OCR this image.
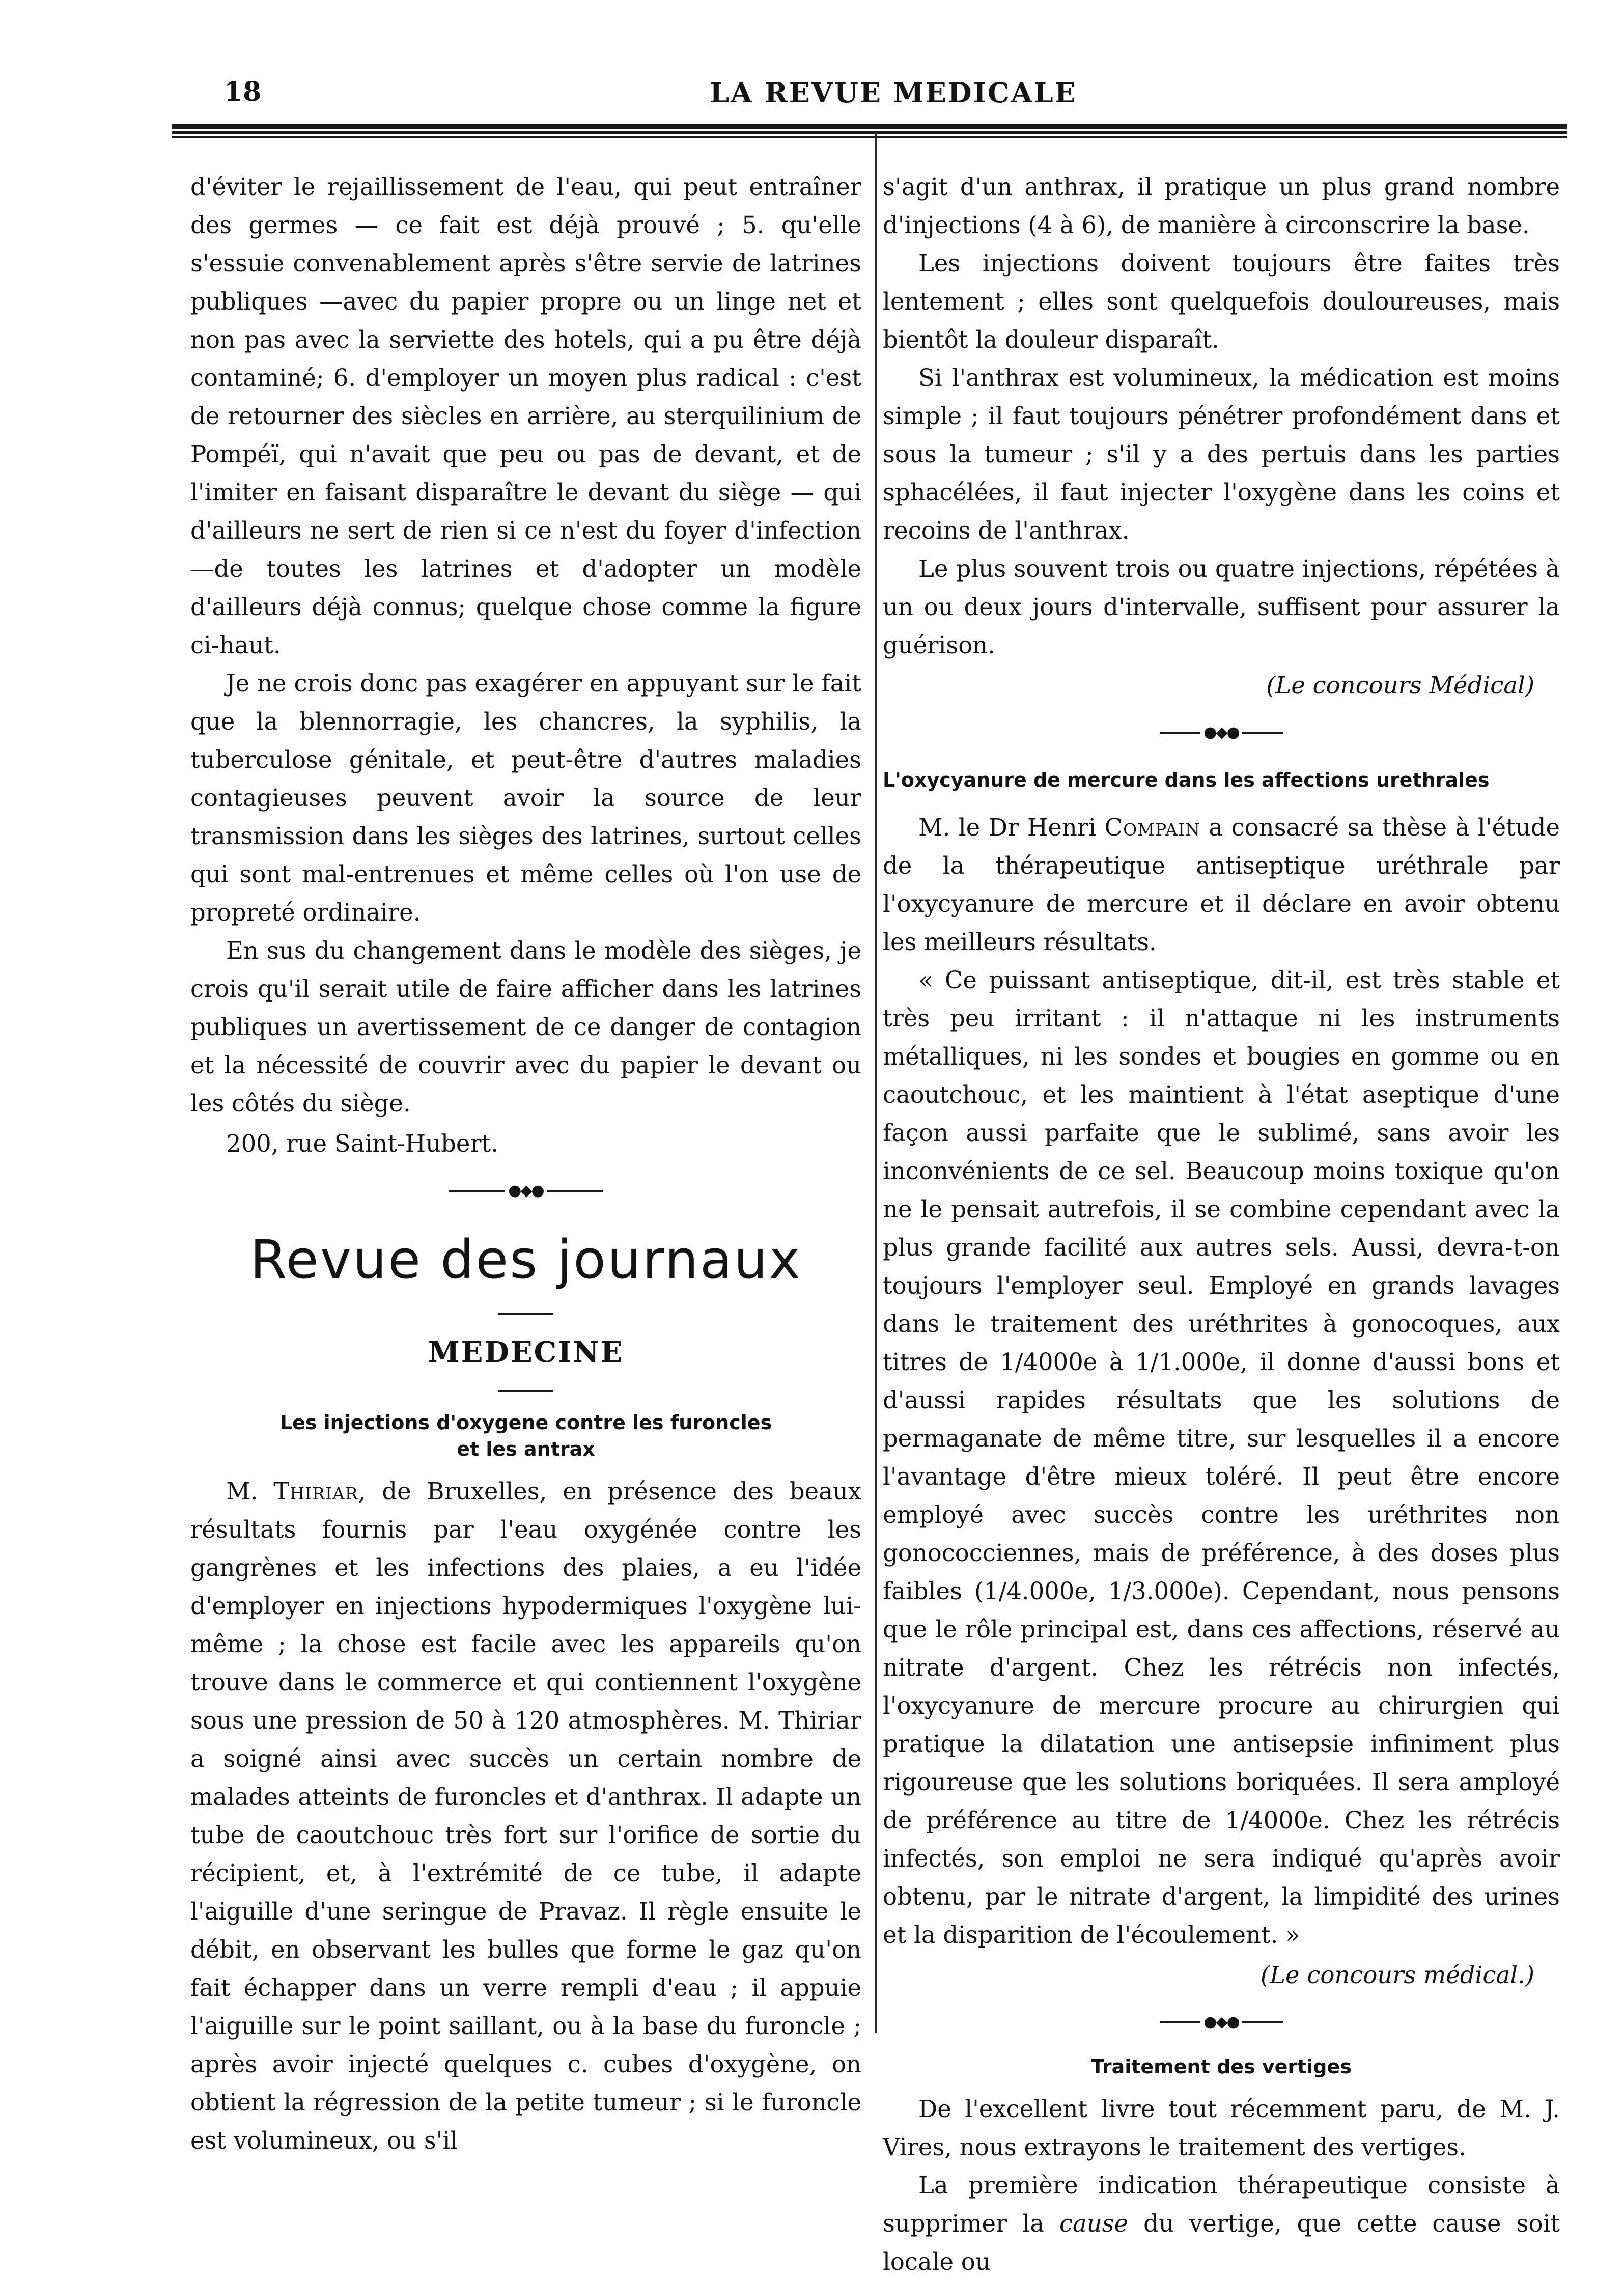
18	LA REVUE MEDICALE

d'éviter le rejaillissement de l'eau, qui peut entraîner des germes — ce fait est déjà prouvé ; 5. qu'elle s'essuie convenablement après s'être servie de latrines publiques —avec du papier propre ou un linge net et non pas avec la serviette des hotels, qui a pu être déjà contaminé; 6. d'employer un moyen plus radical : c'est de retourner des siècles en arrière, au sterquilinium de Pompéï, qui n'avait que peu ou pas de devant, et de l'imiter en faisant disparaître le devant du siège — qui d'ailleurs ne sert de rien si ce n'est du foyer d'infection—de toutes les latrines et d'adopter un modèle d'ailleurs déjà connus; quelque chose comme la figure ci-haut.

Je ne crois donc pas exagérer en appuyant sur le fait que la blennorragie, les chancres, la syphilis, la tuberculose génitale, et peut-être d'autres maladies contagieuses peuvent avoir la source de leur transmission dans les sièges des latrines, surtout celles qui sont mal-entrenues et même celles où l'on use de propreté ordinaire.

En sus du changement dans le modèle des sièges, je crois qu'il serait utile de faire afficher dans les latrines publiques un avertissement de ce danger de contagion et la nécessité de couvrir avec du papier le devant ou les côtés du siège.

200, rue Saint-Hubert.

●◆●
Revue des journaux
MEDECINE
Les injections d'oxygene contre les furoncles
et les antrax

M. Thiriar, de Bruxelles, en présence des beaux résultats fournis par l'eau oxygénée contre les gangrènes et les infections des plaies, a eu l'idée d'employer en injections hypodermiques l'oxygène lui-même ; la chose est facile avec les appareils qu'on trouve dans le commerce et qui contiennent l'oxygène sous une pression de 50 à 120 atmosphères. M. Thiriar a soigné ainsi avec succès un certain nombre de malades atteints de furoncles et d'anthrax. Il adapte un tube de caoutchouc très fort sur l'orifice de sortie du récipient, et, à l'extrémité de ce tube, il adapte l'aiguille d'une seringue de Pravaz. Il règle ensuite le débit, en observant les bulles que forme le gaz qu'on fait échapper dans un verre rempli d'eau ; il appuie l'aiguille sur le point saillant, ou à la base du furoncle ; après avoir injecté quelques c. cubes d'oxygène, on obtient la régression de la petite tumeur ; si le furoncle est volumineux, ou s'il

s'agit d'un anthrax, il pratique un plus grand nombre d'injections (4 à 6), de manière à circonscrire la base.

Les injections doivent toujours être faites très lentement ; elles sont quelquefois douloureuses, mais bientôt la douleur disparaît.

Si l'anthrax est volumineux, la médication est moins simple ; il faut toujours pénétrer profondément dans et sous la tumeur ; s'il y a des pertuis dans les parties sphacélées, il faut injecter l'oxygène dans les coins et recoins de l'anthrax.

Le plus souvent trois ou quatre injections, répétées à un ou deux jours d'intervalle, suffisent pour assurer la guérison.

(Le concours Médical)

●◆●
L'oxycyanure de mercure dans les affections urethrales

M. le Dr Henri Compain a consacré sa thèse à l'étude de la thérapeutique antiseptique uréthrale par l'oxycyanure de mercure et il déclare en avoir obtenu les meilleurs résultats.

« Ce puissant antiseptique, dit-il, est très stable et très peu irritant : il n'attaque ni les instruments métalliques, ni les sondes et bougies en gomme ou en caoutchouc, et les maintient à l'état aseptique d'une façon aussi parfaite que le sublimé, sans avoir les inconvénients de ce sel. Beaucoup moins toxique qu'on ne le pensait autrefois, il se combine cependant avec la plus grande facilité aux autres sels. Aussi, devra-t-on toujours l'employer seul. Employé en grands lavages dans le traitement des uréthrites à gonocoques, aux titres de 1/4000e à 1/1.000e, il donne d'aussi bons et d'aussi rapides résultats que les solutions de permaganate de même titre, sur lesquelles il a encore l'avantage d'être mieux toléré. Il peut être encore employé avec succès contre les uréthrites non gonococciennes, mais de préférence, à des doses plus faibles (1/4.000e, 1/3.000e). Cependant, nous pensons que le rôle principal est, dans ces affections, réservé au nitrate d'argent. Chez les rétrécis non infectés, l'oxycyanure de mercure procure au chirurgien qui pratique la dilatation une antisepsie infiniment plus rigoureuse que les solutions boriquées. Il sera amployé de préférence au titre de 1/4000e. Chez les rétrécis infectés, son emploi ne sera indiqué qu'après avoir obtenu, par le nitrate d'argent, la limpidité des urines et la disparition de l'écoulement. »

(Le concours médical.)

●◆●
Traitement des vertiges

De l'excellent livre tout récemment paru, de M. J. Vires, nous extrayons le traitement des vertiges.

La première indication thérapeutique consiste à supprimer la cause du vertige, que cette cause soit locale ou
